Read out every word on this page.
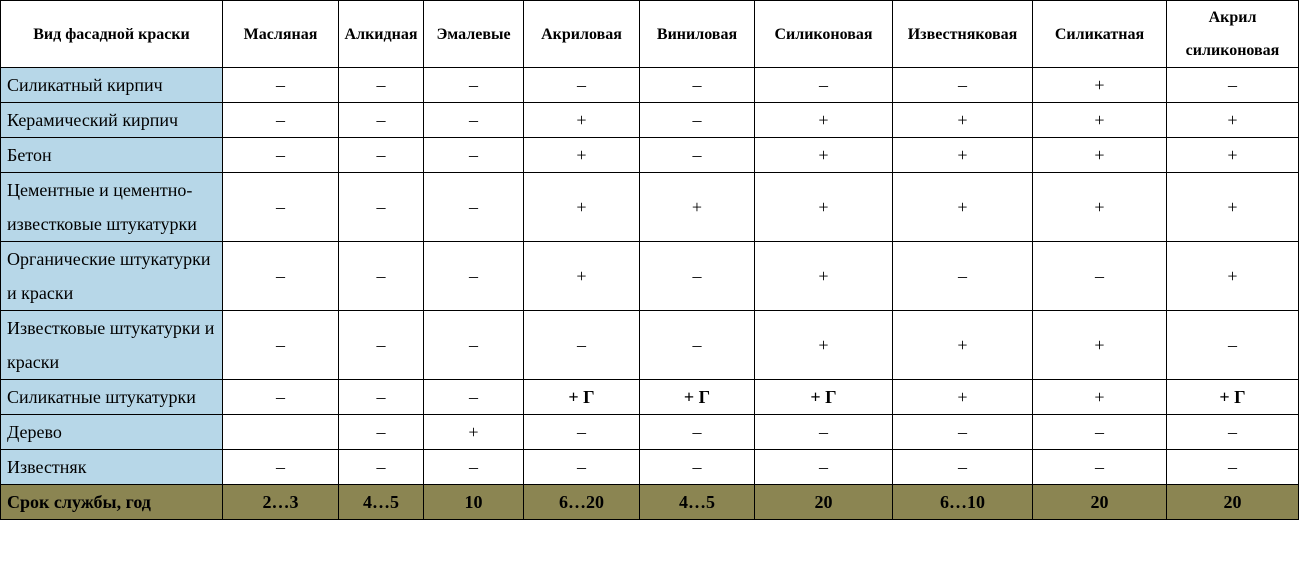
Вид фасадной краски	Масляная	Алкидная	Эмалевые	Акриловая	Виниловая	Силиконовая	Известняковая	Силикатная	Акрил силиконовая
Силикатный кирпич	–	–	–	–	–	–	–	+	–
Керамический кирпич	–	–	–	+	–	+	+	+	+
Бетон	–	–	–	+	–	+	+	+	+
Цементные и цементно-известковые штукатурки	–	–	–	+	+	+	+	+	+
Органические штукатурки и краски	–	–	–	+	–	+	–	–	+
Известковые штукатурки и краски	–	–	–	–	–	+	+	+	–
Силикатные штукатурки	–	–	–	+ Г	+ Г	+ Г	+	+	+ Г
Дерево		–	+	–	–	–	–	–	–
Известняк	–	–	–	–	–	–	–	–	–
Срок службы, год	2…3	4…5	10	6…20	4…5	20	6…10	20	20
